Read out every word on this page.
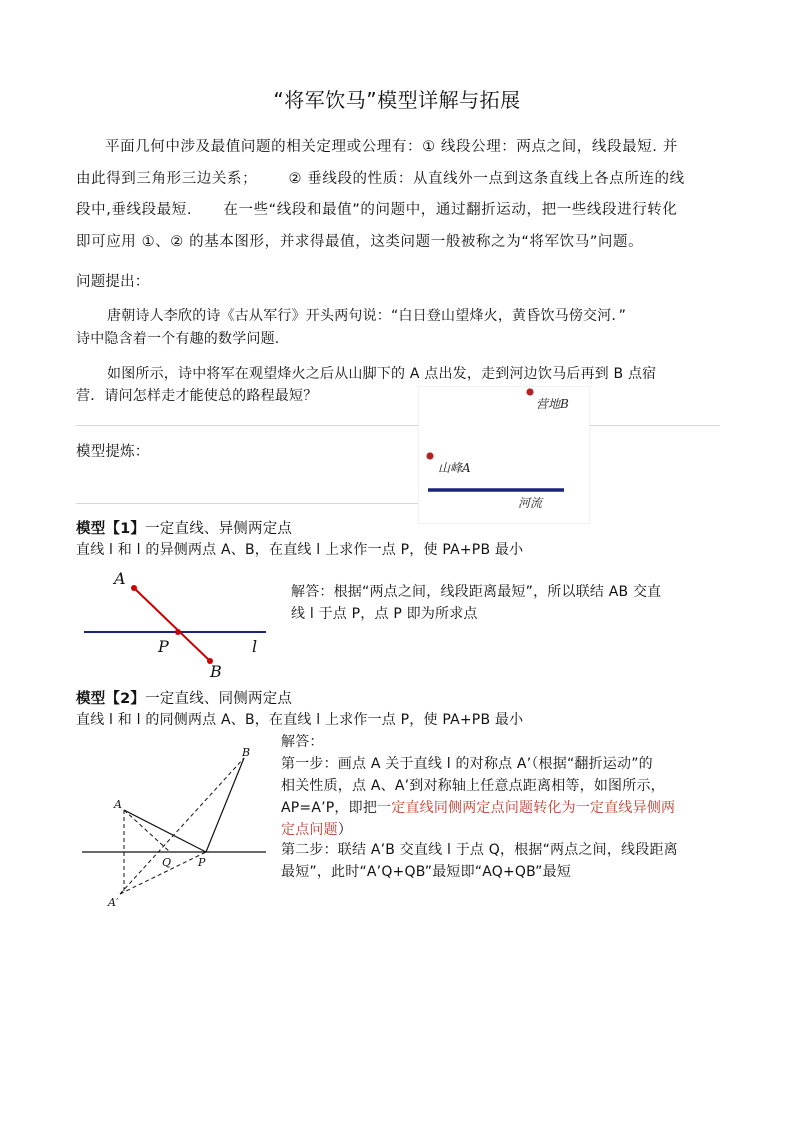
“将军饮马”模型详解与拓展
平面几何中涉及最值问题的相关定理或公理有：① 线段公理：两点之间，线段最短. 并
由此得到三角形三边关系；      ② 垂线段的性质：从直线外一点到这条直线上各点所连的线
段中,垂线段最短.      在一些“线段和最值”的问题中，通过翻折运动，把一些线段进行转化
即可应用 ①、② 的基本图形，并求得最值，这类问题一般被称之为“将军饮马”问题。
问题提出：
唐朝诗人李欣的诗《古从军行》开头两句说：“白日登山望烽火，黄昏饮马傍交河．”
诗中隐含着一个有趣的数学问题.
如图所示，诗中将军在观望烽火之后从山脚下的 A 点出发，走到河边饮马后再到 B 点宿
营．请问怎样走才能使总的路程最短？	营地B
山峰A
河流
模型提炼：
模型【1】一定直线、异侧两定点
直线 l 和 l 的异侧两点 A、B，在直线 l 上求作一点 P，使 PA+PB 最小
A
P
B
l
解答：根据“两点之间，线段距离最短”，所以联结 AB 交直
线 l 于点 P，点 P 即为所求点
模型【2】一定直线、同侧两定点
直线 l 和 l 的同侧两点 A、B，在直线 l 上求作一点 P，使 PA+PB 最小
A
B
Q P
A′
解答：
第一步：画点 A 关于直线 l 的对称点 A’（根据“翻折运动”的
相关性质，点 A、A’到对称轴上任意点距离相等，如图所示，
AP=A’P，即把一定直线同侧两定点问题转化为一定直线异侧两
定点问题）
第二步：联结 A’B 交直线 l 于点 Q，根据“两点之间，线段距离
最短”，此时“A’Q+QB”最短即“AQ+QB”最短
